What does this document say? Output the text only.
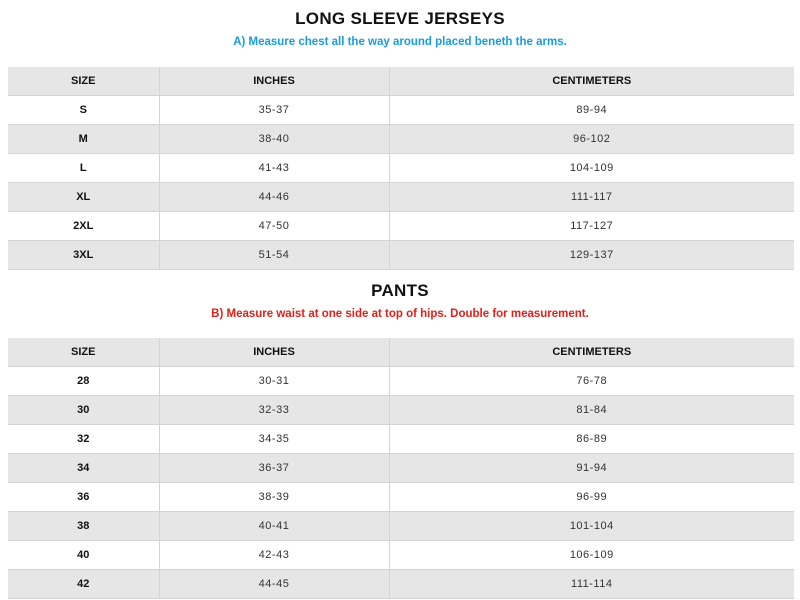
LONG SLEEVE JERSEYS

A) Measure chest all the way around placed beneth the arms.

SIZE	INCHES	CENTIMETERS
S	35-37	89-94
M	38-40	96-102
L	41-43	104-109
XL	44-46	111-117
2XL	47-50	117-127
3XL	51-54	129-137
PANTS

B) Measure waist at one side at top of hips. Double for measurement.

SIZE	INCHES	CENTIMETERS
28	30-31	76-78
30	32-33	81-84
32	34-35	86-89
34	36-37	91-94
36	38-39	96-99
38	40-41	101-104
40	42-43	106-109
42	44-45	111-114
